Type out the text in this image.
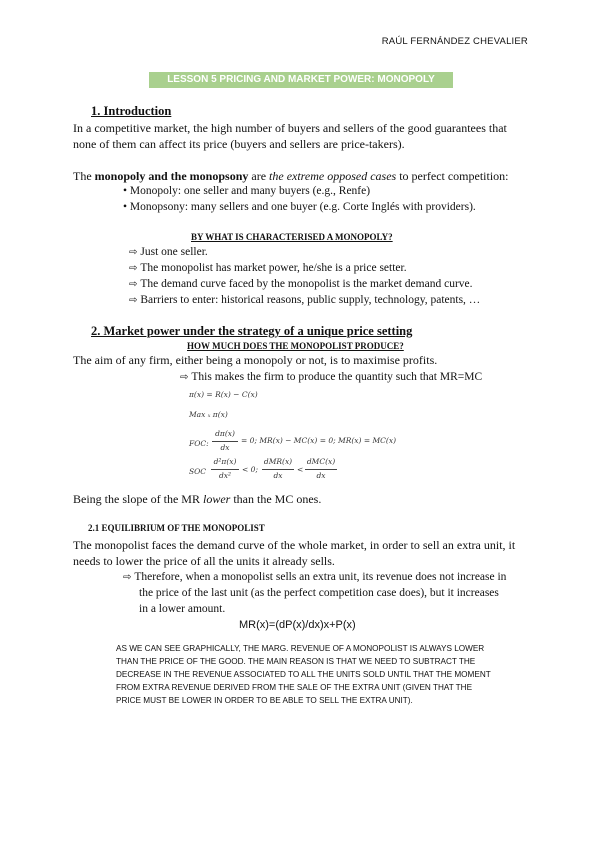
RAÚL FERNÁNDEZ CHEVALIER
LESSON 5 PRICING AND MARKET POWER: MONOPOLY
1. Introduction
In a competitive market, the high number of buyers and sellers of the good guarantees that
none of them can affect its price (buyers and sellers are price-takers).
The monopoly and the monopsony are the extreme opposed cases to perfect competition:
• Monopoly: one seller and many buyers (e.g., Renfe)
• Monopsony: many sellers and one buyer (e.g. Corte Inglés with providers).
BY WHAT IS CHARACTERISED A MONOPOLY?
⇨ Just one seller.
⇨ The monopolist has market power, he/she is a price setter.
⇨ The demand curve faced by the monopolist is the market demand curve.
⇨ Barriers to enter: historical reasons, public supply, technology, patents, …
2. Market power under the strategy of a unique price setting
HOW MUCH DOES THE MONOPOLIST PRODUCE?
The aim of any firm, either being a monopoly or not, is to maximise profits.
⇨ This makes the firm to produce the quantity such that MR=MC
π(x) = R(x) − C(x)
Max ₓ π(x)
FOC:
dπ(x)
dx
= 0; MR(x) − MC(x) = 0; MR(x) = MC(x)
SOC
d²π(x)
dx²
< 0;
dMR(x)
dx
<
dMC(x)
dx
Being the slope of the MR lower than the MC ones.
2.1 EQUILIBRIUM OF THE MONOPOLIST
The monopolist faces the demand curve of the whole market, in order to sell an extra unit, it
needs to lower the price of all the units it already sells.
⇨ Therefore, when a monopolist sells an extra unit, its revenue does not increase in
the price of the last unit (as the perfect competition case does), but it increases
in a lower amount.
MR(x)=(dP(x)/dx)x+P(x)
AS WE CAN SEE GRAPHICALLY, THE MARG. REVENUE OF A MONOPOLIST IS ALWAYS LOWER
THAN THE PRICE OF THE GOOD. THE MAIN REASON IS THAT WE NEED TO SUBTRACT THE
DECREASE IN THE REVENUE ASSOCIATED TO ALL THE UNITS SOLD UNTIL THAT THE MOMENT
FROM EXTRA REVENUE DERIVED FROM THE SALE OF THE EXTRA UNIT (GIVEN THAT THE
PRICE MUST BE LOWER IN ORDER TO BE ABLE TO SELL THE EXTRA UNIT).
